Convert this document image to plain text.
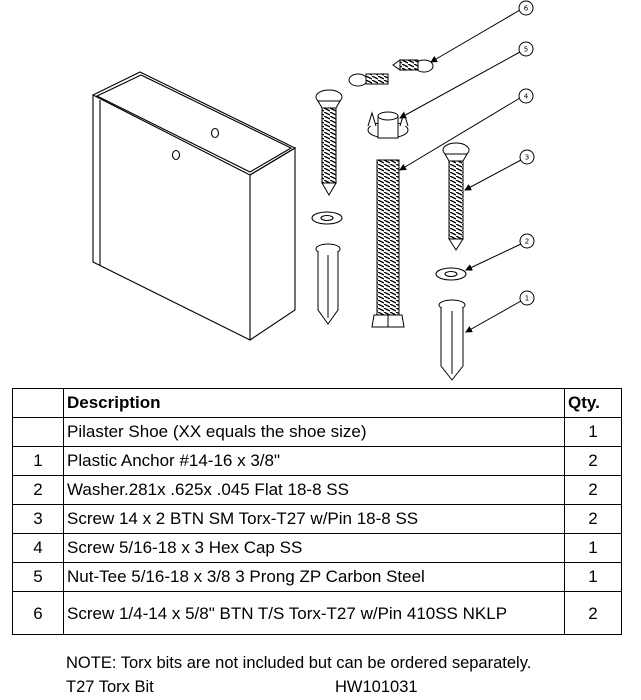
6
5
4
3
2
1
	Description	Qty.
	Pilaster Shoe (XX equals the shoe size)	1
1	Plastic Anchor #14-16 x 3/8"	2
2	Washer.281x .625x .045 Flat 18-8 SS	2
3	Screw 14 x 2 BTN SM Torx-T27 w/Pin 18-8 SS	2
4	Screw 5/16-18 x 3 Hex Cap SS	1
5	Nut-Tee 5/16-18 x 3/8 3 Prong ZP Carbon Steel	1
6	Screw 1/4-14 x 5/8" BTN T/S Torx-T27 w/Pin 410SS NKLP	2
NOTE: Torx bits are not included but can be ordered separately.
T27 Torx Bit	HW101031
